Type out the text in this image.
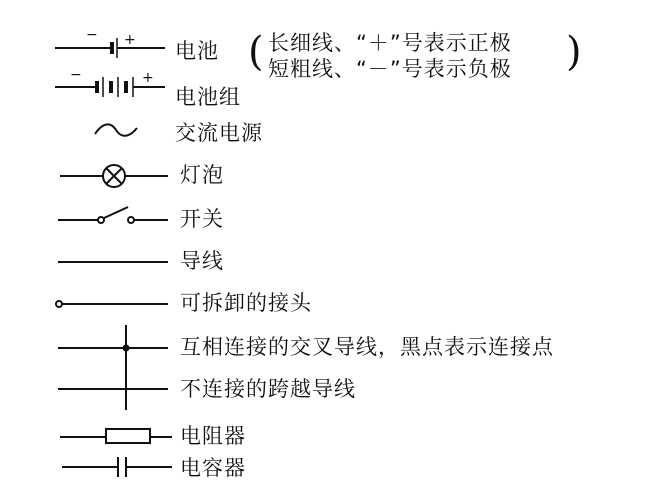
− + 电池 ( 长细线、“＋”号表示正极
短粗线、“－”号表示负极 )
−	+
电池组
交流电源
灯泡
开关
导线
可拆卸的接头
互相连接的交叉导线，黑点表示连接点
不连接的跨越导线
电阻器
电容器
